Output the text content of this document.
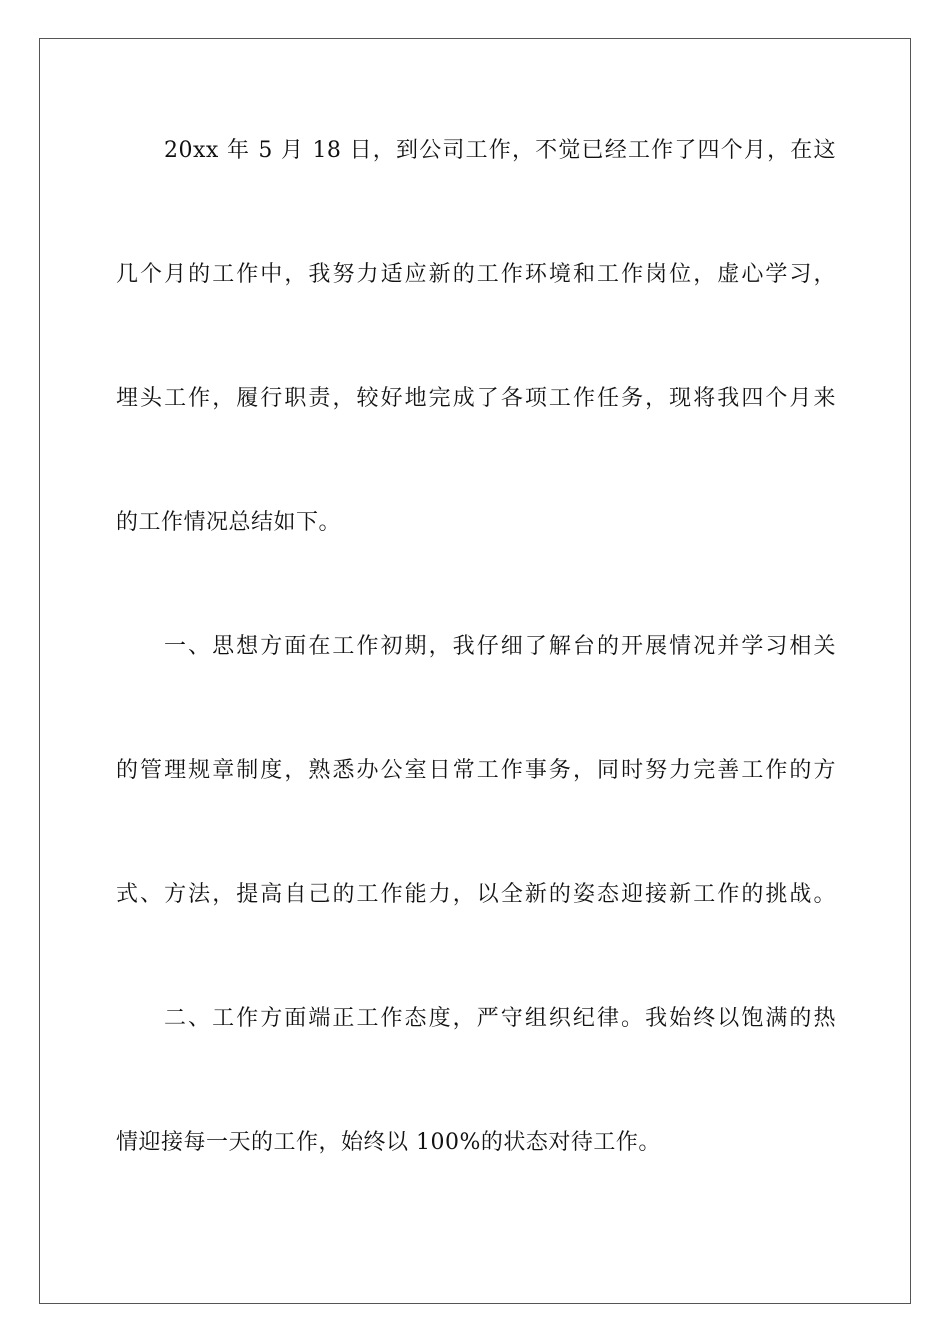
20xx 年 5 月 18 日，到公司工作，不觉已经工作了四个月，在这
几个月的工作中，我努力适应新的工作环境和工作岗位，虚心学习，
埋头工作，履行职责，较好地完成了各项工作任务，现将我四个月来
的工作情况总结如下。
一、思想方面在工作初期，我仔细了解台的开展情况并学习相关
的管理规章制度，熟悉办公室日常工作事务，同时努力完善工作的方
式、方法，提高自己的工作能力，以全新的姿态迎接新工作的挑战。
二、工作方面端正工作态度，严守组织纪律。我始终以饱满的热
情迎接每一天的工作，始终以 100%的状态对待工作。
